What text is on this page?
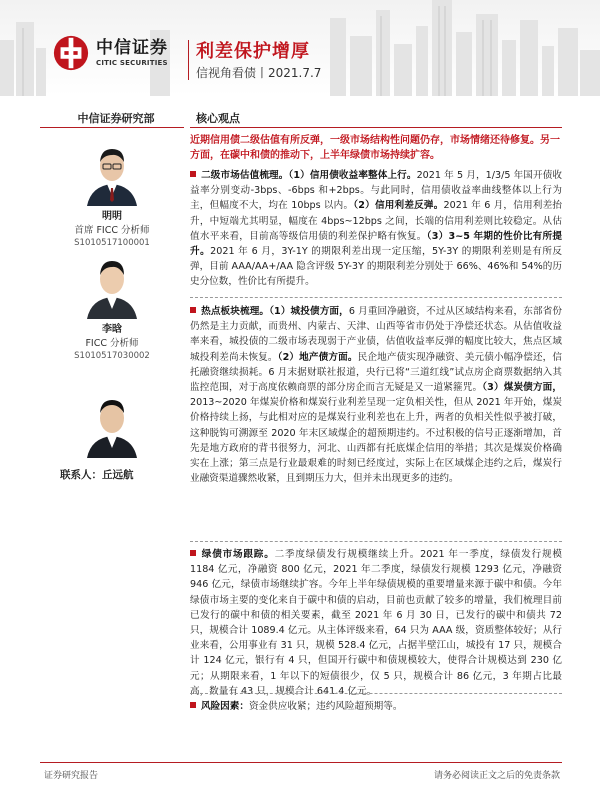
中信证券
CITIC SECURITIES
利差保护增厚
信视角看债丨2021.7.7
中信证券研究部
明明
首席 FICC 分析师
S1010517100001
李晗
FICC 分析师
S1010517030002
联系人：丘远航
核心观点
近期信用债二级估值有所反弹，一级市场结构性问题仍存，市场情绪还待修复。另一方面，在碳中和债的推动下，上半年绿债市场持续扩容。
二级市场估值梳理。（1）信用债收益率整体上行。2021 年 5 月，1/3/5 年国开债收益率分别变动-3bps、-6bps 和+2bps。与此同时，信用债收益率曲线整体以上行为主，但幅度不大，均在 10bps 以内。（2）信用利差反弹。2021 年 6 月，信用利差抬升，中短端尤其明显，幅度在 4bps~12bps 之间，长端的信用利差则比较稳定。从估值水平来看，目前高等级信用债的利差保护略有恢复。（3）3~5 年期的性价比有所提升。2021 年 6 月，3Y-1Y 的期限利差出现一定压缩，5Y-3Y 的期限利差则是有所反弹，目前 AAA/AA+/AA 隐含评级 5Y-3Y 的期限利差分别处于 66%、46%和 54%的历史分位数，性价比有所提升。
热点板块梳理。（1）城投债方面，6 月重回净融资，不过从区域结构来看，东部省份仍然是主力贡献，而贵州、内蒙古、天津、山西等省市仍处于净偿还状态。从估值收益率来看，城投债的二级市场表现弱于产业债，估值收益率反弹的幅度比较大，焦点区域城投利差尚未恢复。（2）地产债方面。民企地产债实现净融资、美元债小幅净偿还，信托融资继续损耗。6 月末据财联社报道，央行已将“三道红线”试点房企商票数据纳入其监控范围，对于高度依赖商票的部分房企而言无疑是又一道紧箍咒。（3）煤炭债方面，2013~2020 年煤炭价格和煤炭行业利差呈现一定负相关性，但从 2021 年开始，煤炭价格持续上扬，与此相对应的是煤炭行业利差也在上升，两者的负相关性似乎被打破，这种脱钩可溯源至 2020 年末区域煤企的超预期违约。不过积极的信号正逐渐增加，首先是地方政府的背书很努力，河北、山西都有托底煤企信用的举措；其次是煤炭价格确实在上涨；第三点是行业最艰难的时刻已经度过，实际上在区域煤企违约之后，煤炭行业融资渠道骤然收紧，且到期压力大，但并未出现更多的违约。
绿债市场跟踪。二季度绿债发行规模继续上升。2021 年一季度，绿债发行规模 1184 亿元，净融资 800 亿元，2021 年二季度，绿债发行规模 1293 亿元，净融资 946 亿元，绿债市场继续扩容。今年上半年绿债规模的重要增量来源于碳中和债。今年绿债市场主要的变化来自于碳中和债的启动，目前也贡献了较多的增量，我们梳理目前已发行的碳中和债的相关要素，截至 2021 年 6 月 30 日，已发行的碳中和债共 72 只，规模合计 1089.4 亿元。从主体评级来看，64 只为 AAA 级，资质整体较好；从行业来看，公用事业有 31 只，规模 528.4 亿元，占据半壁江山，城投有 17 只，规模合计 124 亿元，银行有 4 只，但国开行碳中和债规模较大，使得合计规模达到 230 亿元；从期限来看，1 年以下的短债很少，仅 5 只，规模合计 86 亿元，3 年期占比最高，数量有 43 只，规模合计 641.4 亿元。
风险因素：资金供应收紧；违约风险超预期等。
证券研究报告	请务必阅读正文之后的免责条款
